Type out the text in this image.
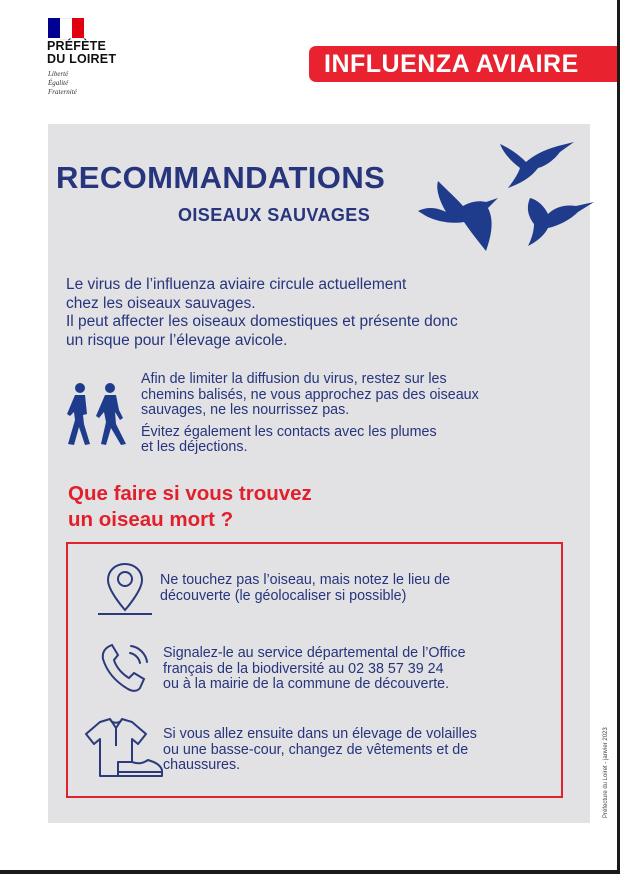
PRÉFÈTE
DU LOIRET
Liberté
Égalité
Fraternité
INFLUENZA AVIAIRE
RECOMMANDATIONS
OISEAUX SAUVAGES
Le virus de l’influenza aviaire circule actuellement
chez les oiseaux sauvages.
Il peut affecter les oiseaux domestiques et présente donc
un risque pour l’élevage avicole.
Afin de limiter la diffusion du virus, restez sur les
chemins balisés, ne vous approchez pas des oiseaux
sauvages, ne les nourrissez pas.
Évitez également les contacts avec les plumes
et les déjections.
Que faire si vous trouvez
un oiseau mort ?
Ne touchez pas l’oiseau, mais notez le lieu de
découverte (le géolocaliser si possible)
Signalez-le au service départemental de l’Office
français de la biodiversité au 02 38 57 39 24
ou à la mairie de la commune de découverte.
Si vous allez ensuite dans un élevage de volailles
ou une basse-cour, changez de vêtements et de
chaussures.	Préfecture du Loiret - janvier 2023
